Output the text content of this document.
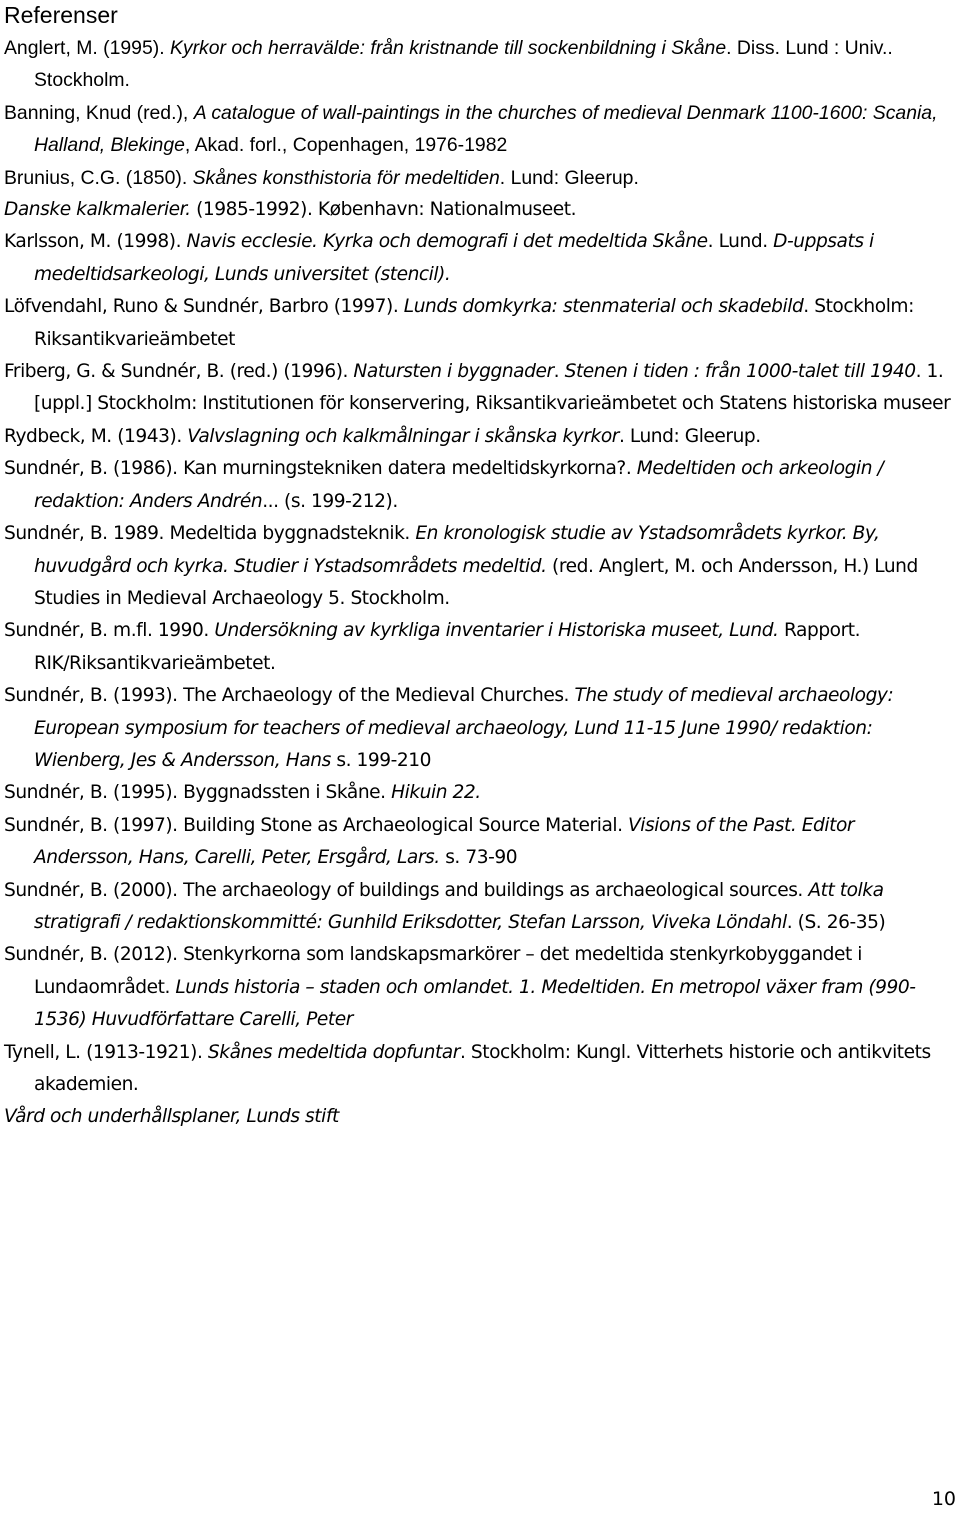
Referenser
Anglert, M. (1995). Kyrkor och herravälde: från kristnande till sockenbildning i Skåne. Diss. Lund : Univ.. Stockholm.
Banning, Knud (red.), A catalogue of wall-paintings in the churches of medieval Denmark 1100-1600: Scania, Halland, Blekinge, Akad. forl., Copenhagen, 1976-1982
Brunius, C.G. (1850). Skånes konsthistoria för medeltiden. Lund: Gleerup.
Danske kalkmalerier. (1985-1992). København: Nationalmuseet.
Karlsson, M. (1998). Navis ecclesie. Kyrka och demografi i det medeltida Skåne. Lund. D-uppsats i medeltidsarkeologi, Lunds universitet (stencil).
Löfvendahl, Runo & Sundnér, Barbro (1997). Lunds domkyrka: stenmaterial och skadebild. Stockholm: Riksantikvarieämbetet
Friberg, G. & Sundnér, B. (red.) (1996). Natursten i byggnader. Stenen i tiden : från 1000-talet till 1940. 1. [uppl.] Stockholm: Institutionen för konservering, Riksantikvarieämbetet och Statens historiska museer
Rydbeck, M. (1943). Valvslagning och kalkmålningar i skånska kyrkor. Lund: Gleerup.
Sundnér, B. (1986). Kan murningstekniken datera medeltidskyrkorna?. Medeltiden och arkeologin / redaktion: Anders Andrén... (s. 199-212).
Sundnér, B. 1989. Medeltida byggnadsteknik. En kronologisk studie av Ystadsområdets kyrkor. By, huvudgård och kyrka. Studier i Ystadsområdets medeltid. (red. Anglert, M. och Andersson, H.) Lund Studies in Medieval Archaeology 5. Stockholm.
Sundnér, B. m.fl. 1990. Undersökning av kyrkliga inventarier i Historiska museet, Lund. Rapport. RIK/Riksantikvarieämbetet.
Sundnér, B. (1993). The Archaeology of the Medieval Churches. The study of medieval archaeology: European symposium for teachers of medieval archaeology, Lund 11-15 June 1990/ redaktion: Wienberg, Jes & Andersson, Hans s. 199-210
Sundnér, B. (1995). Byggnadssten i Skåne. Hikuin 22.
Sundnér, B. (1997). Building Stone as Archaeological Source Material. Visions of the Past. Editor Andersson, Hans, Carelli, Peter, Ersgård, Lars. s. 73-90
Sundnér, B. (2000). The archaeology of buildings and buildings as archaeological sources. Att tolka stratigrafi / redaktionskommitté: Gunhild Eriksdotter, Stefan Larsson, Viveka Löndahl. (S. 26-35)
Sundnér, B. (2012). Stenkyrkorna som landskapsmarkörer – det medeltida stenkyrkobyggandet i Lundaområdet. Lunds historia – staden och omlandet. 1. Medeltiden. En metropol växer fram (990-1536) Huvudförfattare Carelli, Peter
Tynell, L. (1913-1921). Skånes medeltida dopfuntar. Stockholm: Kungl. Vitterhets historie och antikvitets akademien.
Vård och underhållsplaner, Lunds stift
10
